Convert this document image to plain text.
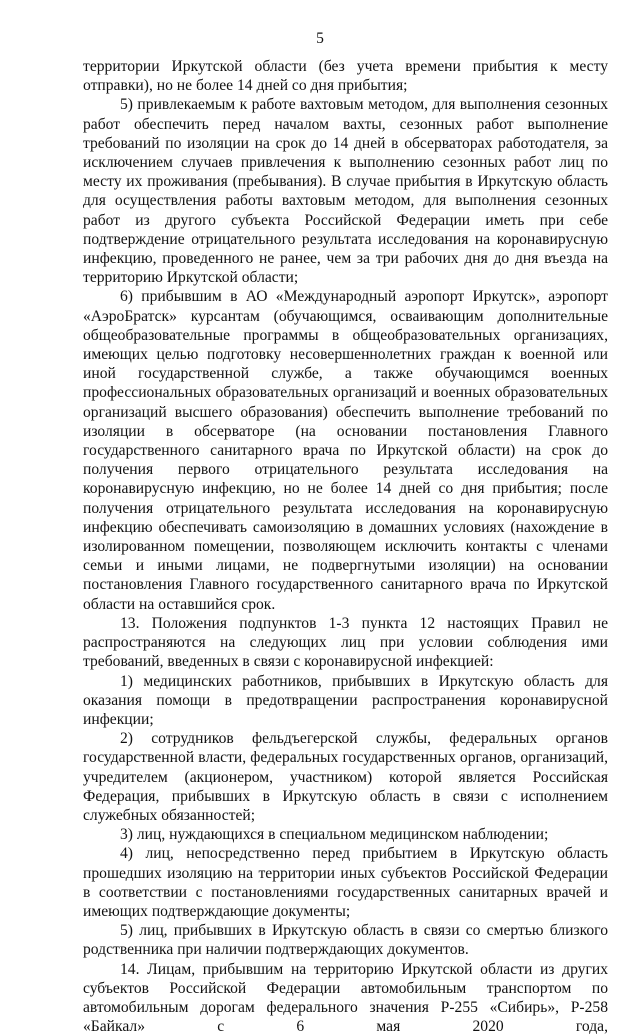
5

территории Иркутской области (без учета времени прибытия к месту отправки), но не более 14 дней со дня прибытия;

5) привлекаемым к работе вахтовым методом, для выполнения сезонных работ обеспечить перед началом вахты, сезонных работ выполнение требований по изоляции на срок до 14 дней в обсерваторах работодателя, за исключением случаев привлечения к выполнению сезонных работ лиц по месту их проживания (пребывания). В случае прибытия в Иркутскую область для осуществления работы вахтовым методом, для выполнения сезонных работ из другого субъекта Российской Федерации иметь при себе подтверждение отрицательного результата исследования на коронавирусную инфекцию, проведенного не ранее, чем за три рабочих дня до дня въезда на территорию Иркутской области;

6) прибывшим в АО «Международный аэропорт Иркутск», аэропорт «АэроБратск» курсантам (обучающимся, осваивающим дополнительные общеобразовательные программы в общеобразовательных организациях, имеющих целью подготовку несовершеннолетних граждан к военной или иной государственной службе, а также обучающимся военных профессиональных образовательных организаций и военных образовательных организаций высшего образования) обеспечить выполнение требований по изоляции в обсерваторе (на основании постановления Главного государственного санитарного врача по Иркутской области) на срок до получения первого отрицательного результата исследования на коронавирусную инфекцию, но не более 14 дней со дня прибытия; после получения отрицательного результата исследования на коронавирусную инфекцию обеспечивать самоизоляцию в домашних условиях (нахождение в изолированном помещении, позволяющем исключить контакты с членами семьи и иными лицами, не подвергнутыми изоляции) на основании постановления Главного государственного санитарного врача по Иркутской области на оставшийся срок.

13. Положения подпунктов 1-3 пункта 12 настоящих Правил не распространяются на следующих лиц при условии соблюдения ими требований, введенных в связи с коронавирусной инфекцией:

1) медицинских работников, прибывших в Иркутскую область для оказания помощи в предотвращении распространения коронавирусной инфекции;

2) сотрудников фельдъегерской службы, федеральных органов государственной власти, федеральных государственных органов, организаций, учредителем (акционером, участником) которой является Российская Федерация, прибывших в Иркутскую область в связи с исполнением служебных обязанностей;

3) лиц, нуждающихся в специальном медицинском наблюдении;

4) лиц, непосредственно перед прибытием в Иркутскую область прошедших изоляцию на территории иных субъектов Российской Федерации в соответствии с постановлениями государственных санитарных врачей и имеющих подтверждающие документы;

5) лиц, прибывших в Иркутскую область в связи со смертью близкого родственника при наличии подтверждающих документов.

14. Лицам, прибывшим на территорию Иркутской области из других субъектов Российской Федерации автомобильным транспортом по автомобильным дорогам федерального значения Р-255 «Сибирь», Р-258 «Байкал» с 6 мая 2020 года,
